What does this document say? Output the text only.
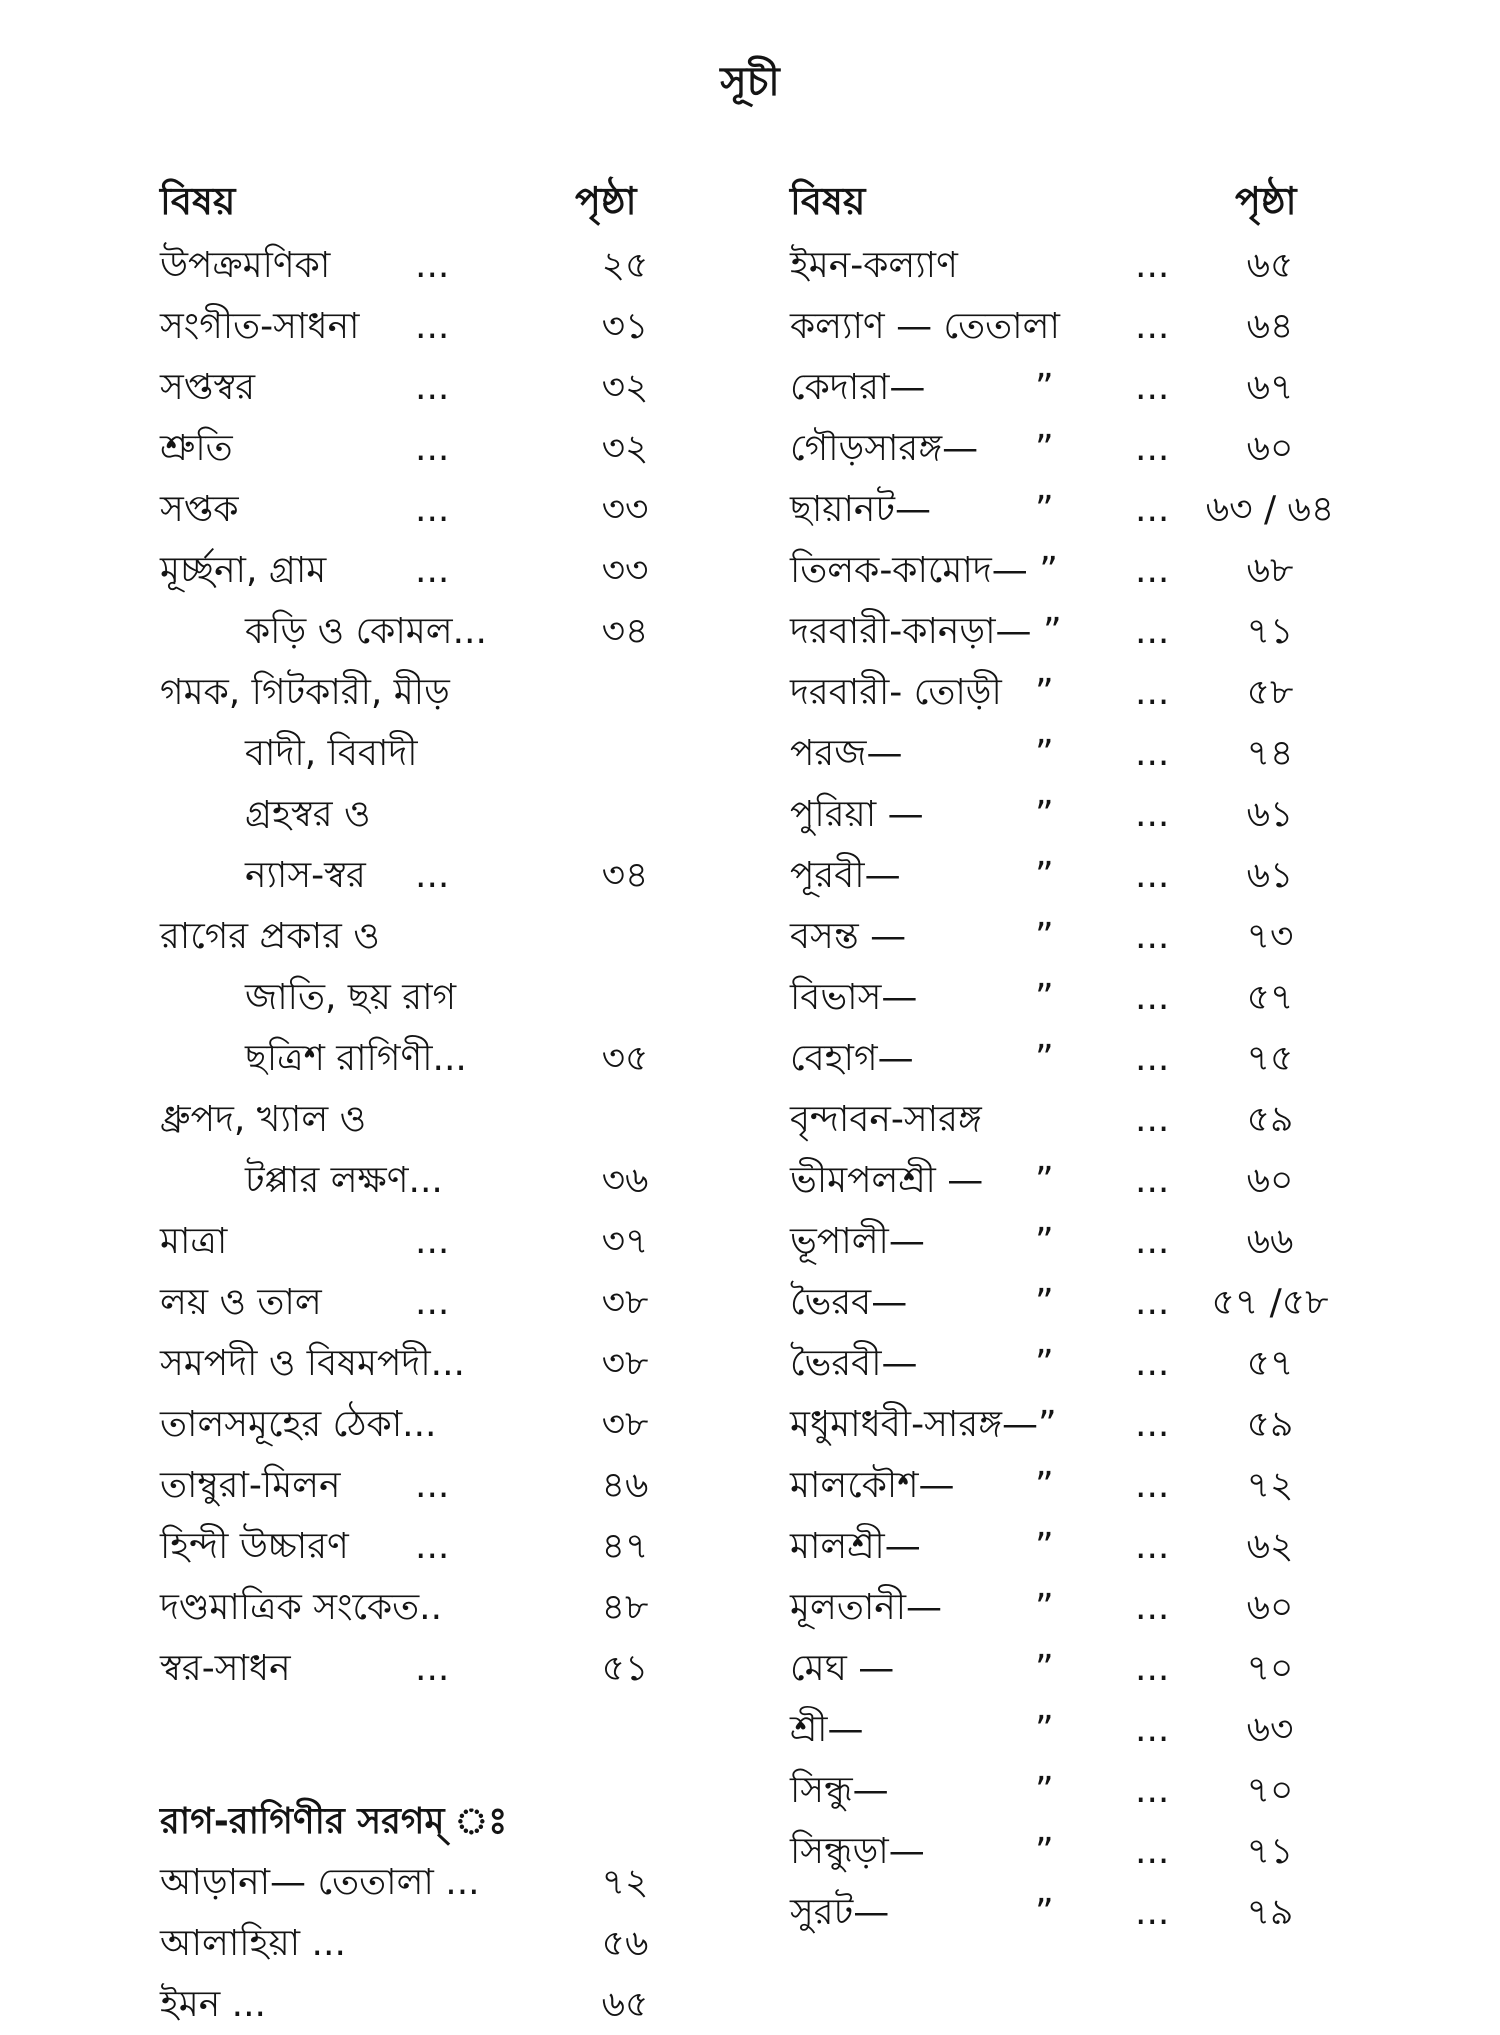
সূচী
বিষয়	পৃষ্ঠা	বিষয়	পৃষ্ঠা
উপক্রমণিকা ...	২৫
সংগীত-সাধনা ...	৩১
সপ্তস্বর	...	৩২
শ্রুতি	...	৩২
সপ্তক	...	৩৩
মূর্চ্ছনা, গ্রাম ...	৩৩
কড়ি ও কোমল...	৩৪
গমক, গিটকারী, মীড়
বাদী, বিবাদী
গ্রহস্বর ও
ন্যাস-স্বর ...	৩৪
রাগের প্রকার ও
জাতি, ছয় রাগ
ছত্রিশ রাগিণী...	৩৫
ধ্রুপদ, খ্যাল ও
টপ্পার লক্ষণ...	৩৬
মাত্রা	...	৩৭
লয় ও তাল	...	৩৮
সমপদী ও বিষমপদী...	৩৮
তালসমূহের ঠেকা...	৩৮
তাম্বুরা-মিলন ...	৪৬
হিন্দী উচ্চারণ ...	৪৭
দণ্ডমাত্রিক সংকেত..	৪৮
স্বর-সাধন	...	৫১
রাগ-রাগিণীর সরগম্ ঃ
আড়ানা— তেতালা ...	৭২
আলাহিয়া ...	৫৬
ইমন ...	৬৫
ইমন-কল্যাণ	...	৬৫
কল্যাণ — তেতালা ...	৬৪
কেদারা—	” ...	৬৭
গৌড়সারঙ্গ— ” ...	৬০
ছায়ানট—	” ... ৬৩ / ৬৪
তিলক-কামোদ— ” ...	৬৮
দরবারী-কানড়া— ” ...	৭১
দরবারী- তোড়ী ” ...	৫৮
পরজ—	” ...	৭৪
পুরিয়া —	” ...	৬১
পূরবী—	” ...	৬১
বসন্ত —	” ...	৭৩
বিভাস—	” ...	৫৭
বেহাগ—	” ...	৭৫
বৃন্দাবন-সারঙ্গ	...	৫৯
ভীমপলশ্রী — ” ...	৬০
ভূপালী—	” ...	৬৬
ভৈরব—	” ... ৫৭ /৫৮
ভৈরবী—	” ...	৫৭
মধুমাধবী-সারঙ্গ—” ...	৫৯
মালকৌশ— ” ...	৭২
মালশ্রী—	” ...	৬২
মূলতানী—	” ...	৬০
মেঘ —	” ...	৭০
শ্রী—	” ...	৬৩
সিন্ধু—	” ...	৭০
সিন্ধুড়া—	” ...	৭১
সুরট—	” ...	৭৯
